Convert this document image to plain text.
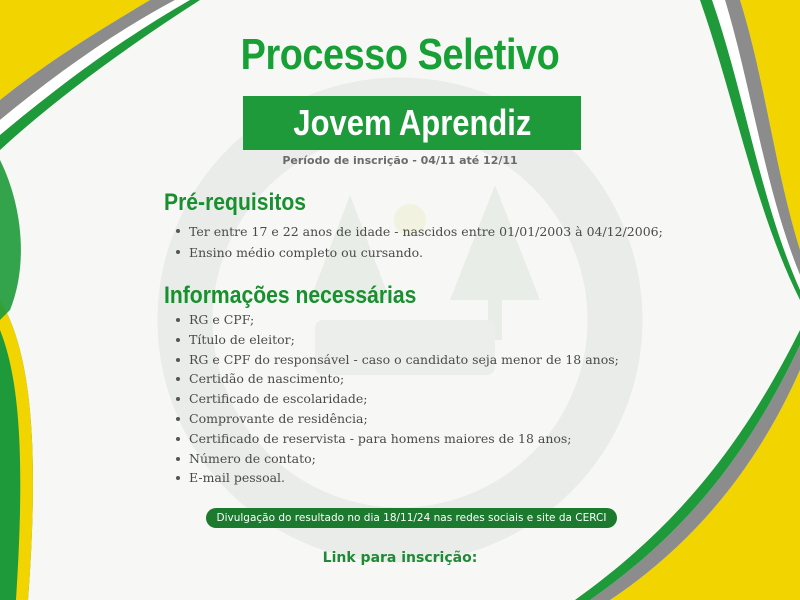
Processo Seletivo
Jovem Aprendiz
Período de inscrição - 04/11 até 12/11
Pré-requisitos
Ter entre 17 e 22 anos de idade - nascidos entre 01/01/2003 à 04/12/2006;
Ensino médio completo ou cursando.
Informações necessárias
RG e CPF;
Título de eleitor;
RG e CPF do responsável - caso o candidato seja menor de 18 anos;
Certidão de nascimento;
Certificado de escolaridade;
Comprovante de residência;
Certificado de reservista - para homens maiores de 18 anos;
Número de contato;
E-mail pessoal.
Divulgação do resultado no dia 18/11/24 nas redes sociais e site da CERCI
Link para inscrição:
